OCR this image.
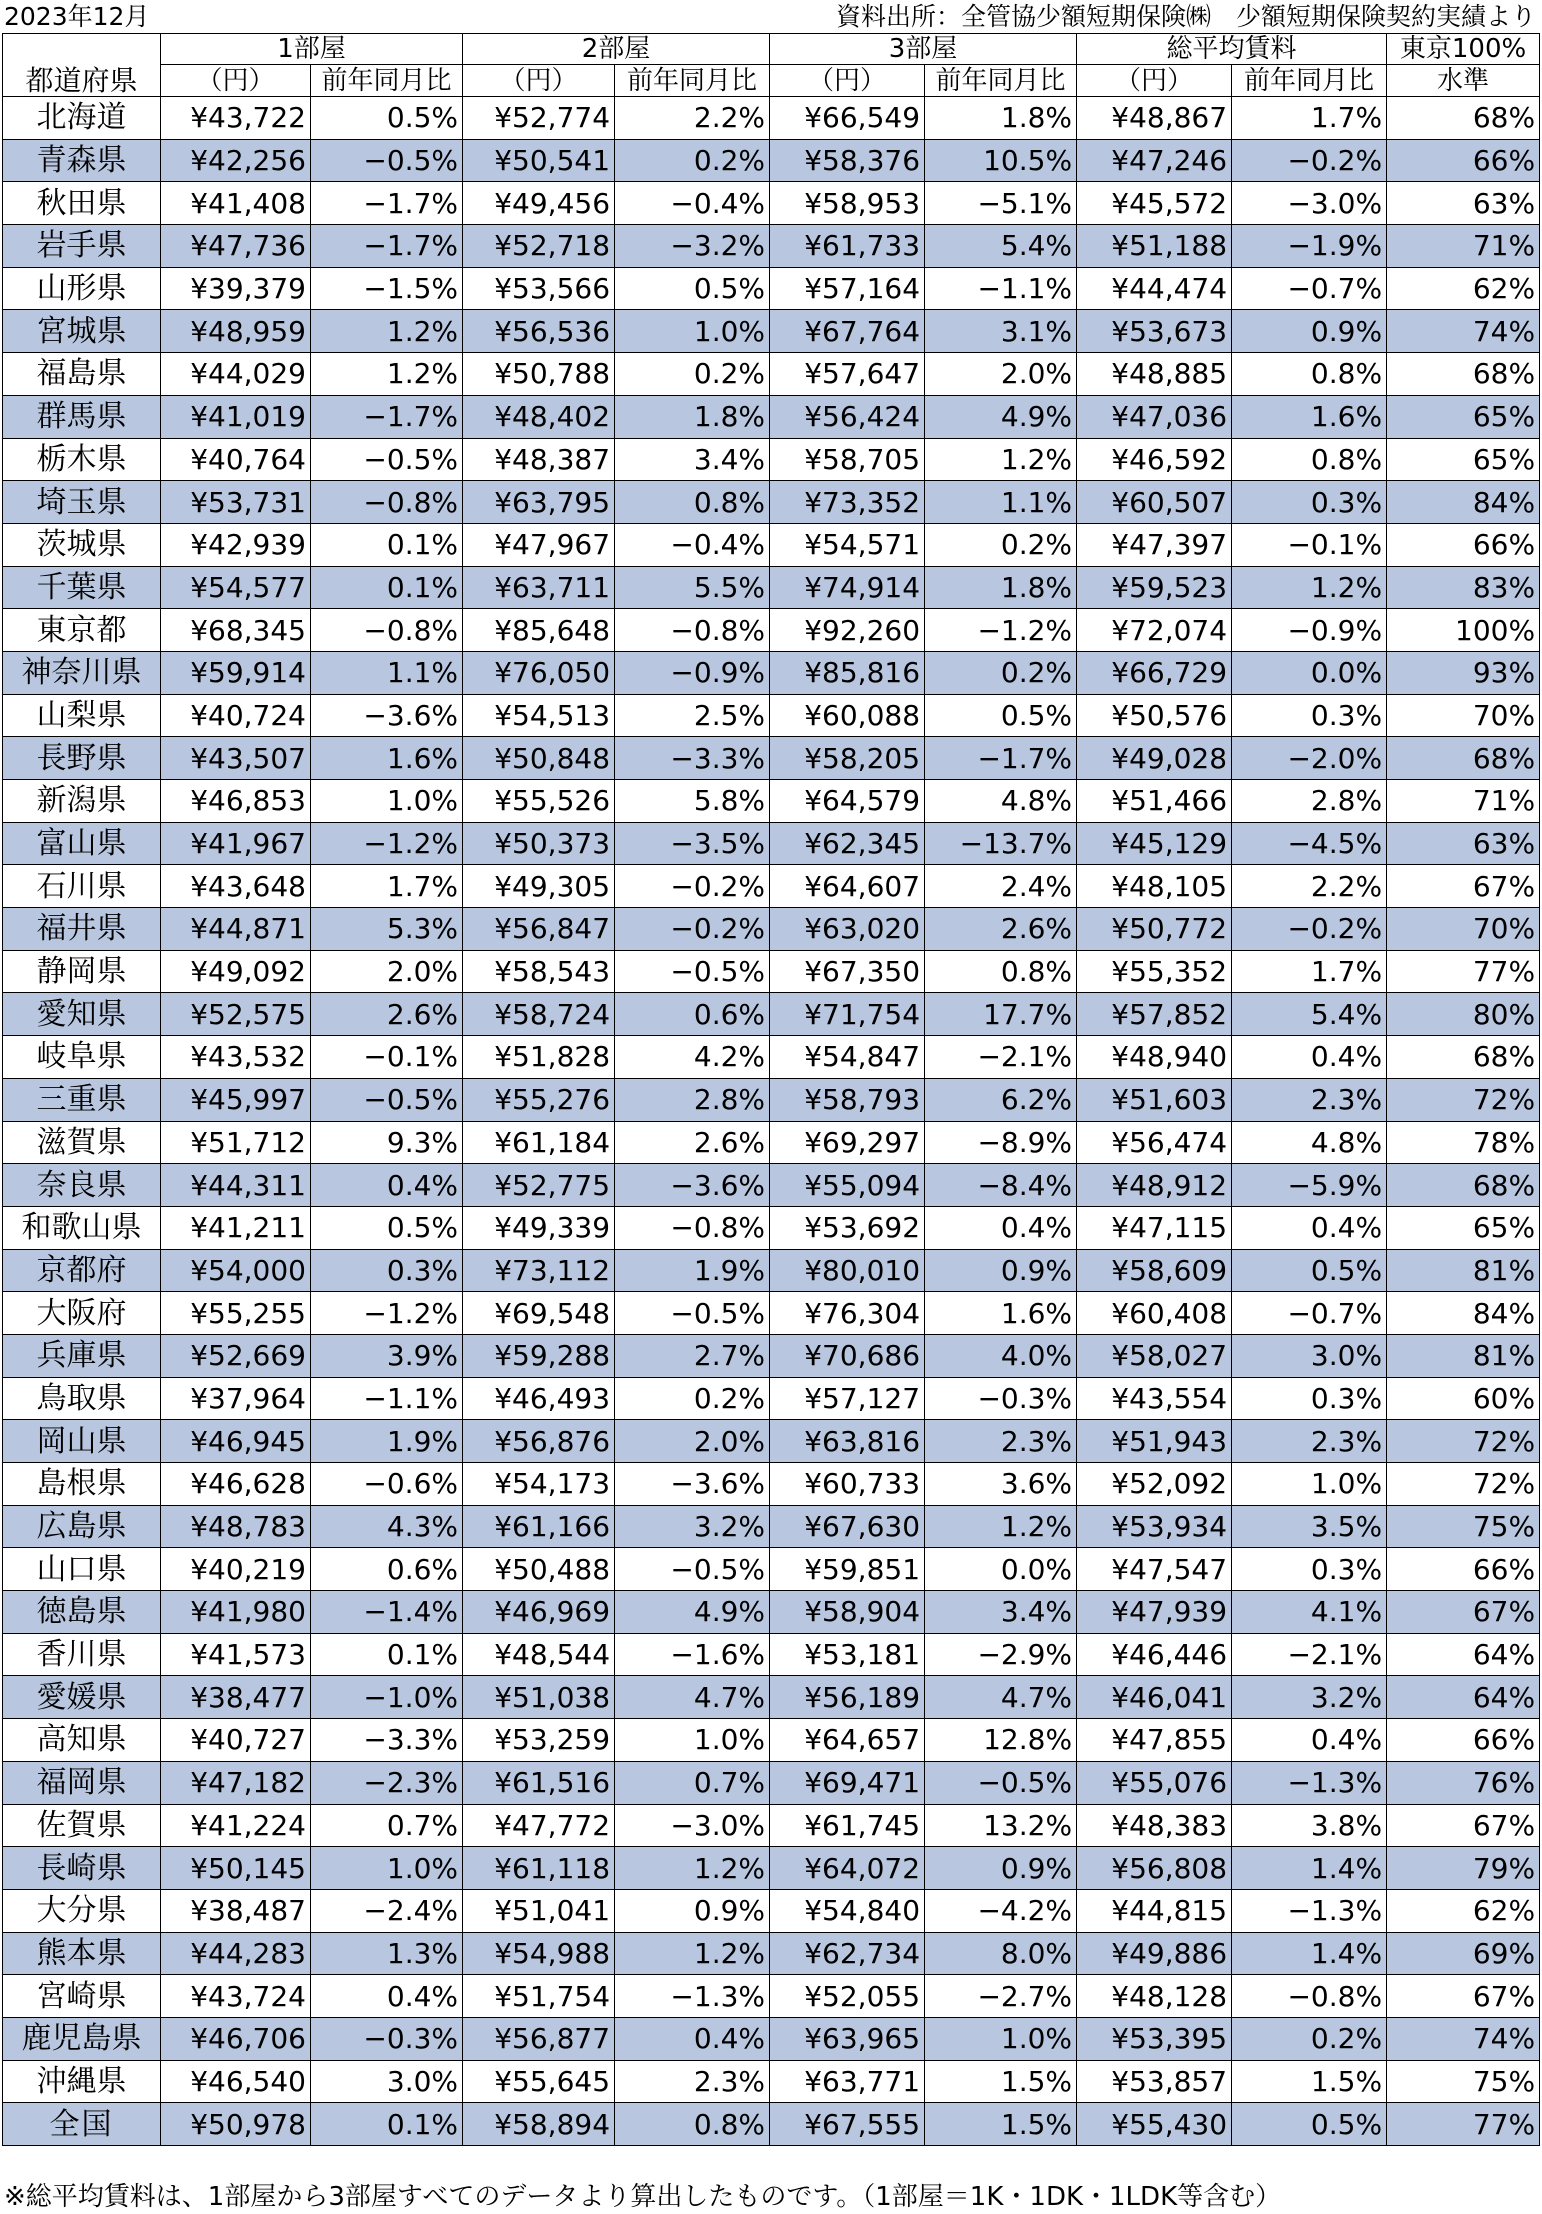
2023年12月	資料出所：全管協少額短期保険㈱　少額短期保険契約実績より
都道府県	1部屋		2部屋		3部屋		総平均賃料		東京100%
	（円）	前年同月比	（円）	前年同月比	（円）	前年同月比	（円）	前年同月比	水準
北海道	¥43,722	0.5%	¥52,774	2.2%	¥66,549	1.8%	¥48,867	1.7%	68%
青森県	¥42,256	−0.5%	¥50,541	0.2%	¥58,376	10.5%	¥47,246	−0.2%	66%
秋田県	¥41,408	−1.7%	¥49,456	−0.4%	¥58,953	−5.1%	¥45,572	−3.0%	63%
岩手県	¥47,736	−1.7%	¥52,718	−3.2%	¥61,733	5.4%	¥51,188	−1.9%	71%
山形県	¥39,379	−1.5%	¥53,566	0.5%	¥57,164	−1.1%	¥44,474	−0.7%	62%
宮城県	¥48,959	1.2%	¥56,536	1.0%	¥67,764	3.1%	¥53,673	0.9%	74%
福島県	¥44,029	1.2%	¥50,788	0.2%	¥57,647	2.0%	¥48,885	0.8%	68%
群馬県	¥41,019	−1.7%	¥48,402	1.8%	¥56,424	4.9%	¥47,036	1.6%	65%
栃木県	¥40,764	−0.5%	¥48,387	3.4%	¥58,705	1.2%	¥46,592	0.8%	65%
埼玉県	¥53,731	−0.8%	¥63,795	0.8%	¥73,352	1.1%	¥60,507	0.3%	84%
茨城県	¥42,939	0.1%	¥47,967	−0.4%	¥54,571	0.2%	¥47,397	−0.1%	66%
千葉県	¥54,577	0.1%	¥63,711	5.5%	¥74,914	1.8%	¥59,523	1.2%	83%
東京都	¥68,345	−0.8%	¥85,648	−0.8%	¥92,260	−1.2%	¥72,074	−0.9%	100%
神奈川県	¥59,914	1.1%	¥76,050	−0.9%	¥85,816	0.2%	¥66,729	0.0%	93%
山梨県	¥40,724	−3.6%	¥54,513	2.5%	¥60,088	0.5%	¥50,576	0.3%	70%
長野県	¥43,507	1.6%	¥50,848	−3.3%	¥58,205	−1.7%	¥49,028	−2.0%	68%
新潟県	¥46,853	1.0%	¥55,526	5.8%	¥64,579	4.8%	¥51,466	2.8%	71%
富山県	¥41,967	−1.2%	¥50,373	−3.5%	¥62,345	−13.7%	¥45,129	−4.5%	63%
石川県	¥43,648	1.7%	¥49,305	−0.2%	¥64,607	2.4%	¥48,105	2.2%	67%
福井県	¥44,871	5.3%	¥56,847	−0.2%	¥63,020	2.6%	¥50,772	−0.2%	70%
静岡県	¥49,092	2.0%	¥58,543	−0.5%	¥67,350	0.8%	¥55,352	1.7%	77%
愛知県	¥52,575	2.6%	¥58,724	0.6%	¥71,754	17.7%	¥57,852	5.4%	80%
岐阜県	¥43,532	−0.1%	¥51,828	4.2%	¥54,847	−2.1%	¥48,940	0.4%	68%
三重県	¥45,997	−0.5%	¥55,276	2.8%	¥58,793	6.2%	¥51,603	2.3%	72%
滋賀県	¥51,712	9.3%	¥61,184	2.6%	¥69,297	−8.9%	¥56,474	4.8%	78%
奈良県	¥44,311	0.4%	¥52,775	−3.6%	¥55,094	−8.4%	¥48,912	−5.9%	68%
和歌山県	¥41,211	0.5%	¥49,339	−0.8%	¥53,692	0.4%	¥47,115	0.4%	65%
京都府	¥54,000	0.3%	¥73,112	1.9%	¥80,010	0.9%	¥58,609	0.5%	81%
大阪府	¥55,255	−1.2%	¥69,548	−0.5%	¥76,304	1.6%	¥60,408	−0.7%	84%
兵庫県	¥52,669	3.9%	¥59,288	2.7%	¥70,686	4.0%	¥58,027	3.0%	81%
鳥取県	¥37,964	−1.1%	¥46,493	0.2%	¥57,127	−0.3%	¥43,554	0.3%	60%
岡山県	¥46,945	1.9%	¥56,876	2.0%	¥63,816	2.3%	¥51,943	2.3%	72%
島根県	¥46,628	−0.6%	¥54,173	−3.6%	¥60,733	3.6%	¥52,092	1.0%	72%
広島県	¥48,783	4.3%	¥61,166	3.2%	¥67,630	1.2%	¥53,934	3.5%	75%
山口県	¥40,219	0.6%	¥50,488	−0.5%	¥59,851	0.0%	¥47,547	0.3%	66%
徳島県	¥41,980	−1.4%	¥46,969	4.9%	¥58,904	3.4%	¥47,939	4.1%	67%
香川県	¥41,573	0.1%	¥48,544	−1.6%	¥53,181	−2.9%	¥46,446	−2.1%	64%
愛媛県	¥38,477	−1.0%	¥51,038	4.7%	¥56,189	4.7%	¥46,041	3.2%	64%
高知県	¥40,727	−3.3%	¥53,259	1.0%	¥64,657	12.8%	¥47,855	0.4%	66%
福岡県	¥47,182	−2.3%	¥61,516	0.7%	¥69,471	−0.5%	¥55,076	−1.3%	76%
佐賀県	¥41,224	0.7%	¥47,772	−3.0%	¥61,745	13.2%	¥48,383	3.8%	67%
長崎県	¥50,145	1.0%	¥61,118	1.2%	¥64,072	0.9%	¥56,808	1.4%	79%
大分県	¥38,487	−2.4%	¥51,041	0.9%	¥54,840	−4.2%	¥44,815	−1.3%	62%
熊本県	¥44,283	1.3%	¥54,988	1.2%	¥62,734	8.0%	¥49,886	1.4%	69%
宮崎県	¥43,724	0.4%	¥51,754	−1.3%	¥52,055	−2.7%	¥48,128	−0.8%	67%
鹿児島県	¥46,706	−0.3%	¥56,877	0.4%	¥63,965	1.0%	¥53,395	0.2%	74%
沖縄県	¥46,540	3.0%	¥55,645	2.3%	¥63,771	1.5%	¥53,857	1.5%	75%
全国	¥50,978	0.1%	¥58,894	0.8%	¥67,555	1.5%	¥55,430	0.5%	77%
※総平均賃料は、1部屋から3部屋すべてのデータより算出したものです。（1部屋＝1K・1DK・1LDK等含む）
